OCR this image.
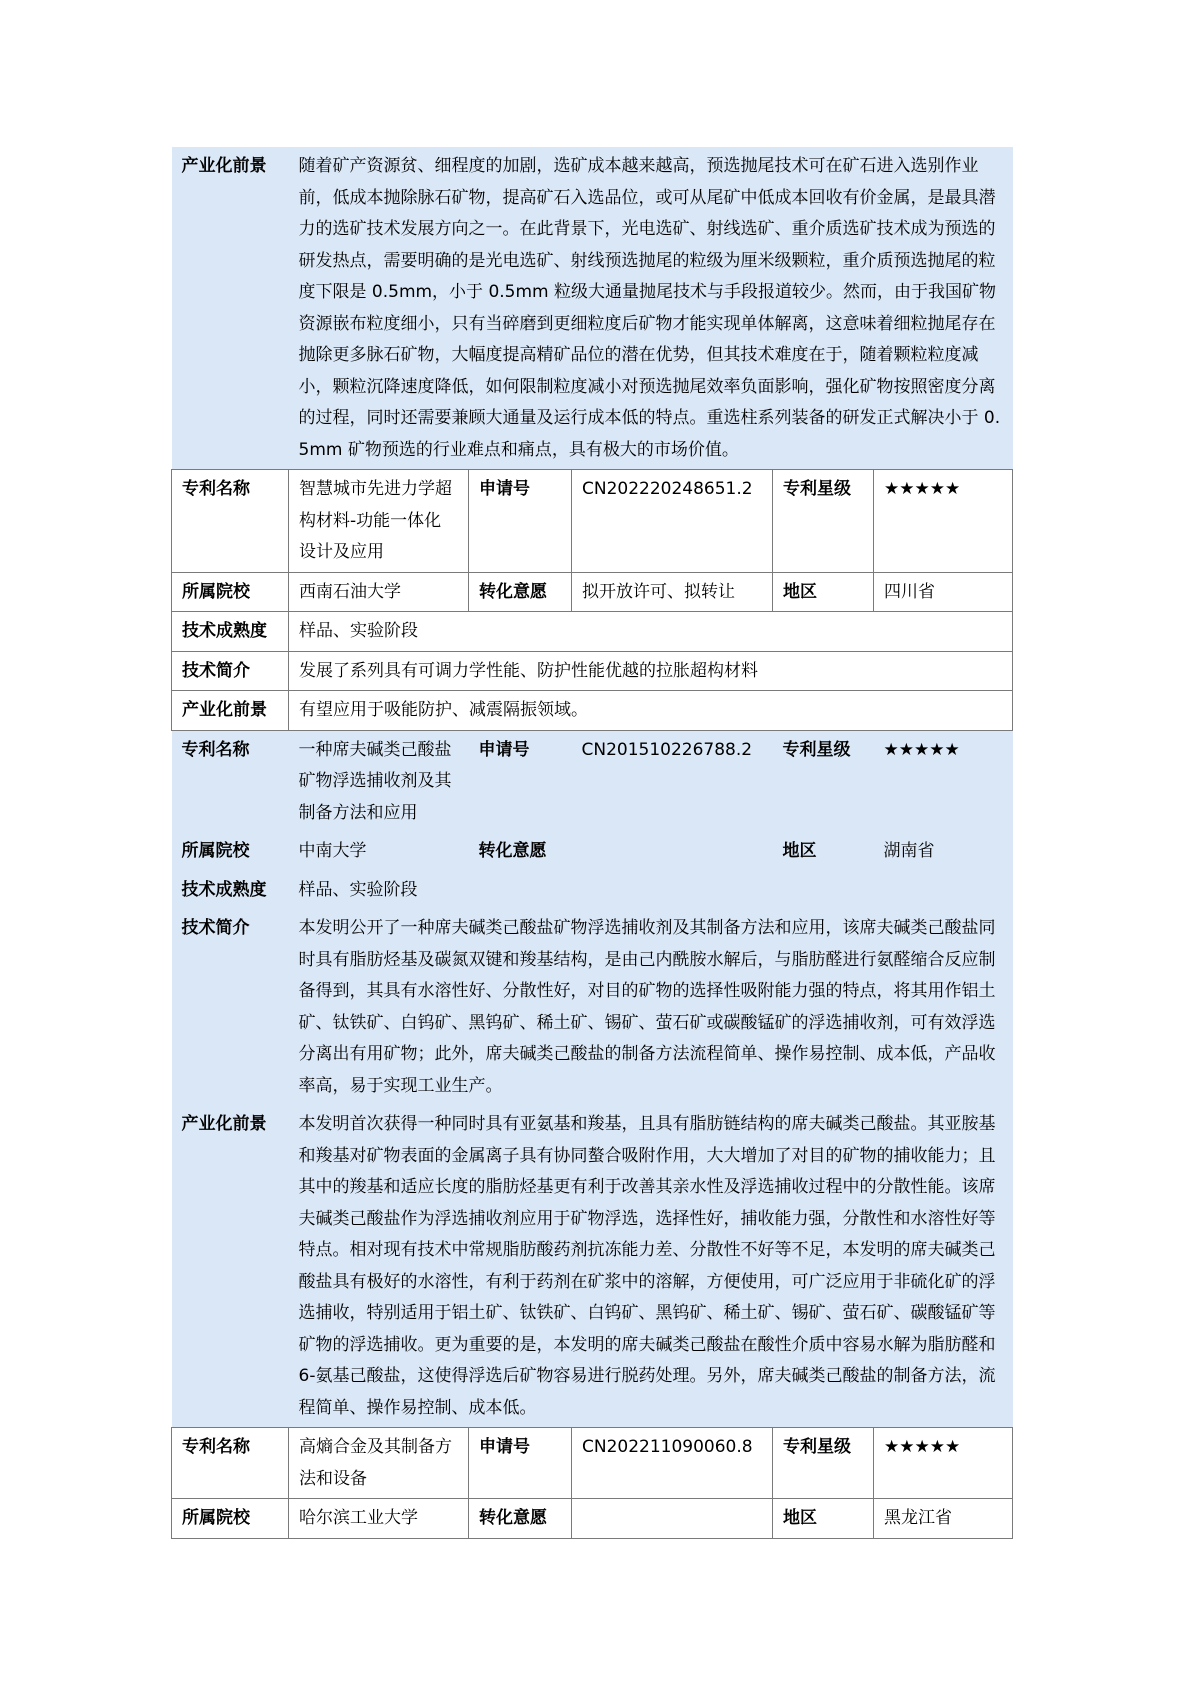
产业化前景	随着矿产资源贫、细程度的加剧，选矿成本越来越高，预选抛尾技术可在矿石进入选别作业前，低成本抛除脉石矿物，提高矿石入选品位，或可从尾矿中低成本回收有价金属，是最具潜力的选矿技术发展方向之一。在此背景下，光电选矿、射线选矿、重介质选矿技术成为预选的研发热点，需要明确的是光电选矿、射线预选抛尾的粒级为厘米级颗粒，重介质预选抛尾的粒度下限是 0.5mm，小于 0.5mm 粒级大通量抛尾技术与手段报道较少。然而，由于我国矿物资源嵌布粒度细小，只有当碎磨到更细粒度后矿物才能实现单体解离，这意味着细粒抛尾存在抛除更多脉石矿物，大幅度提高精矿品位的潜在优势，但其技术难度在于，随着颗粒粒度减小，颗粒沉降速度降低，如何限制粒度减小对预选抛尾效率负面影响，强化矿物按照密度分离的过程，同时还需要兼顾大通量及运行成本低的特点。重选柱系列装备的研发正式解决小于 0.5mm 矿物预选的行业难点和痛点，具有极大的市场价值。				
专利名称	智慧城市先进力学超构材料-功能一体化设计及应用	申请号	CN202220248651.2	专利星级	★★★★★
所属院校	西南石油大学	转化意愿	拟开放许可、拟转让	地区	四川省
技术成熟度	样品、实验阶段				
技术简介	发展了系列具有可调力学性能、防护性能优越的拉胀超构材料				
产业化前景	有望应用于吸能防护、减震隔振领域。				
专利名称	一种席夫碱类己酸盐矿物浮选捕收剂及其制备方法和应用	申请号	CN201510226788.2	专利星级	★★★★★
所属院校	中南大学	转化意愿		地区	湖南省
技术成熟度	样品、实验阶段				
技术简介	本发明公开了一种席夫碱类己酸盐矿物浮选捕收剂及其制备方法和应用，该席夫碱类己酸盐同时具有脂肪烃基及碳氮双键和羧基结构，是由己内酰胺水解后，与脂肪醛进行氨醛缩合反应制备得到，其具有水溶性好、分散性好，对目的矿物的选择性吸附能力强的特点，将其用作铝土矿、钛铁矿、白钨矿、黑钨矿、稀土矿、锡矿、萤石矿或碳酸锰矿的浮选捕收剂，可有效浮选分离出有用矿物；此外，席夫碱类己酸盐的制备方法流程简单、操作易控制、成本低，产品收率高，易于实现工业生产。				
产业化前景	本发明首次获得一种同时具有亚氨基和羧基，且具有脂肪链结构的席夫碱类己酸盐。其亚胺基和羧基对矿物表面的金属离子具有协同螯合吸附作用，大大增加了对目的矿物的捕收能力；且其中的羧基和适应长度的脂肪烃基更有利于改善其亲水性及浮选捕收过程中的分散性能。该席夫碱类己酸盐作为浮选捕收剂应用于矿物浮选，选择性好，捕收能力强，分散性和水溶性好等特点。相对现有技术中常规脂肪酸药剂抗冻能力差、分散性不好等不足，本发明的席夫碱类己酸盐具有极好的水溶性，有利于药剂在矿浆中的溶解，方便使用，可广泛应用于非硫化矿的浮选捕收，特别适用于铝土矿、钛铁矿、白钨矿、黑钨矿、稀土矿、锡矿、萤石矿、碳酸锰矿等矿物的浮选捕收。更为重要的是，本发明的席夫碱类己酸盐在酸性介质中容易水解为脂肪醛和 6-氨基己酸盐，这使得浮选后矿物容易进行脱药处理。另外，席夫碱类己酸盐的制备方法，流程简单、操作易控制、成本低。				
专利名称	高熵合金及其制备方法和设备	申请号	CN202211090060.8	专利星级	★★★★★
所属院校	哈尔滨工业大学	转化意愿		地区	黑龙江省
